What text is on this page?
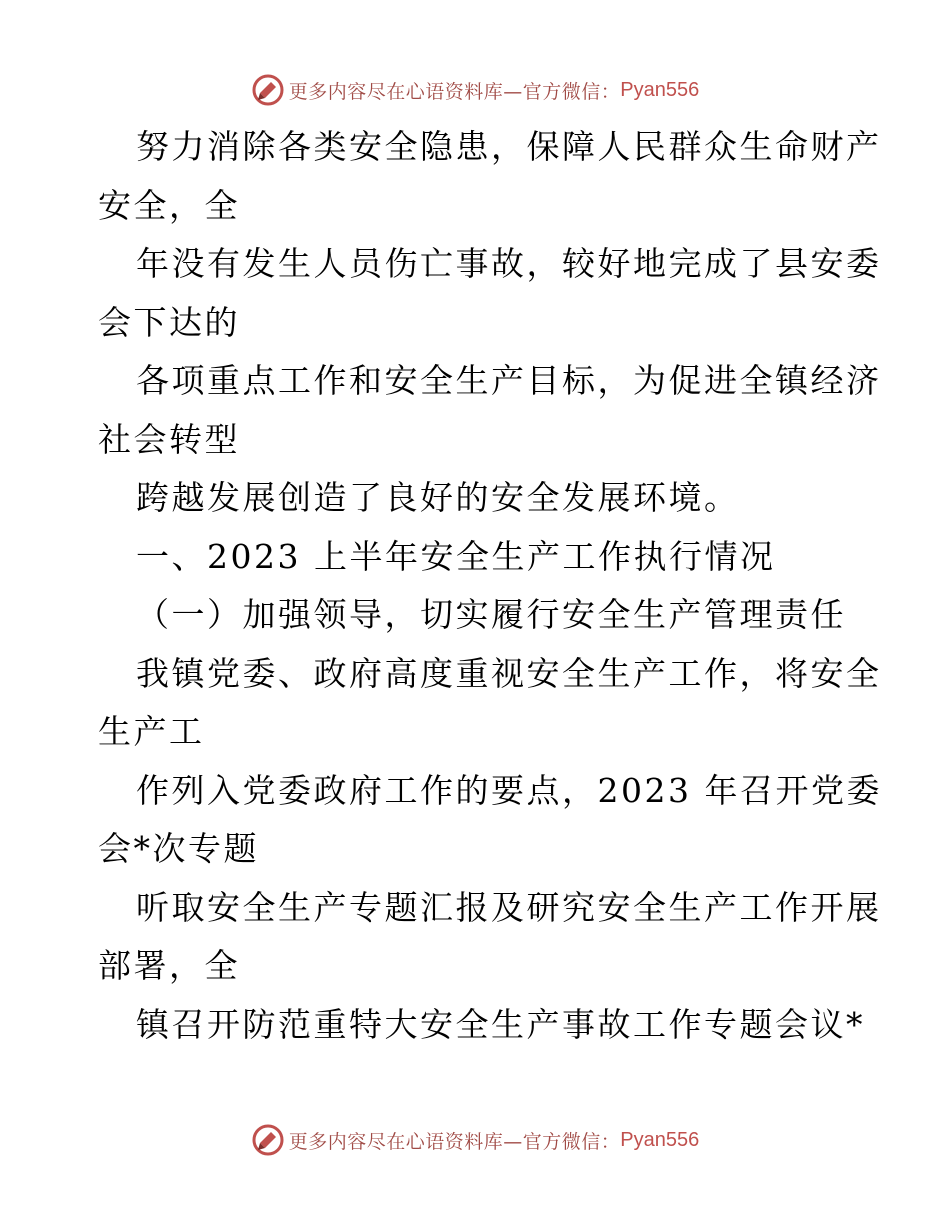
更多内容尽在心语资料库—官方微信： Pyan556
努力消除各类安全隐患，保障人民群众生命财产
安全，全
年没有发生人员伤亡事故，较好地完成了县安委
会下达的
各项重点工作和安全生产目标，为促进全镇经济
社会转型
跨越发展创造了良好的安全发展环境。
一、2023 上半年安全生产工作执行情况
（一）加强领导，切实履行安全生产管理责任
我镇党委、政府高度重视安全生产工作，将安全
生产工
作列入党委政府工作的要点，2023 年召开党委
会*次专题
听取安全生产专题汇报及研究安全生产工作开展
部署，全
镇召开防范重特大安全生产事故工作专题会议*
更多内容尽在心语资料库—官方微信： Pyan556
